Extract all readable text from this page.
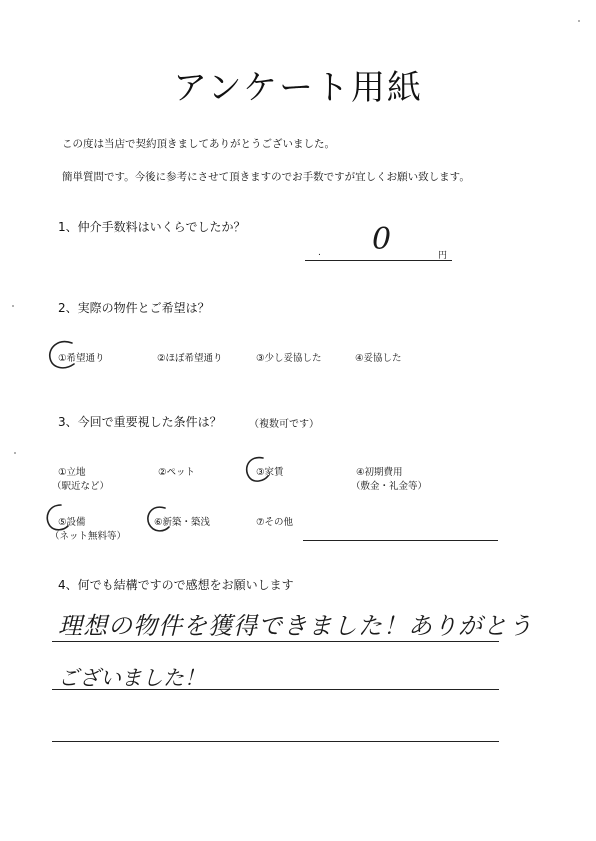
アンケート用紙
この度は当店で契約頂きましてありがとうございました。
簡単質問です。今後に参考にさせて頂きますのでお手数ですが宜しくお願い致します。
1、仲介手数料はいくらでしたか？	0
.	円
2、実際の物件とご希望は？
①希望通り	②ほぼ希望通り	③少し妥協した	④妥協した
3、今回で重要視した条件は？	（複数可です）
①立地
（駅近など）
②ペット	③家賃	④初期費用
（敷金・礼金等）
⑤設備
（ネット無料等）
⑥新築・築浅	⑦その他
4、何でも結構ですので感想をお願いします
理想の物件を獲得できました！ありがとう
ございました！
